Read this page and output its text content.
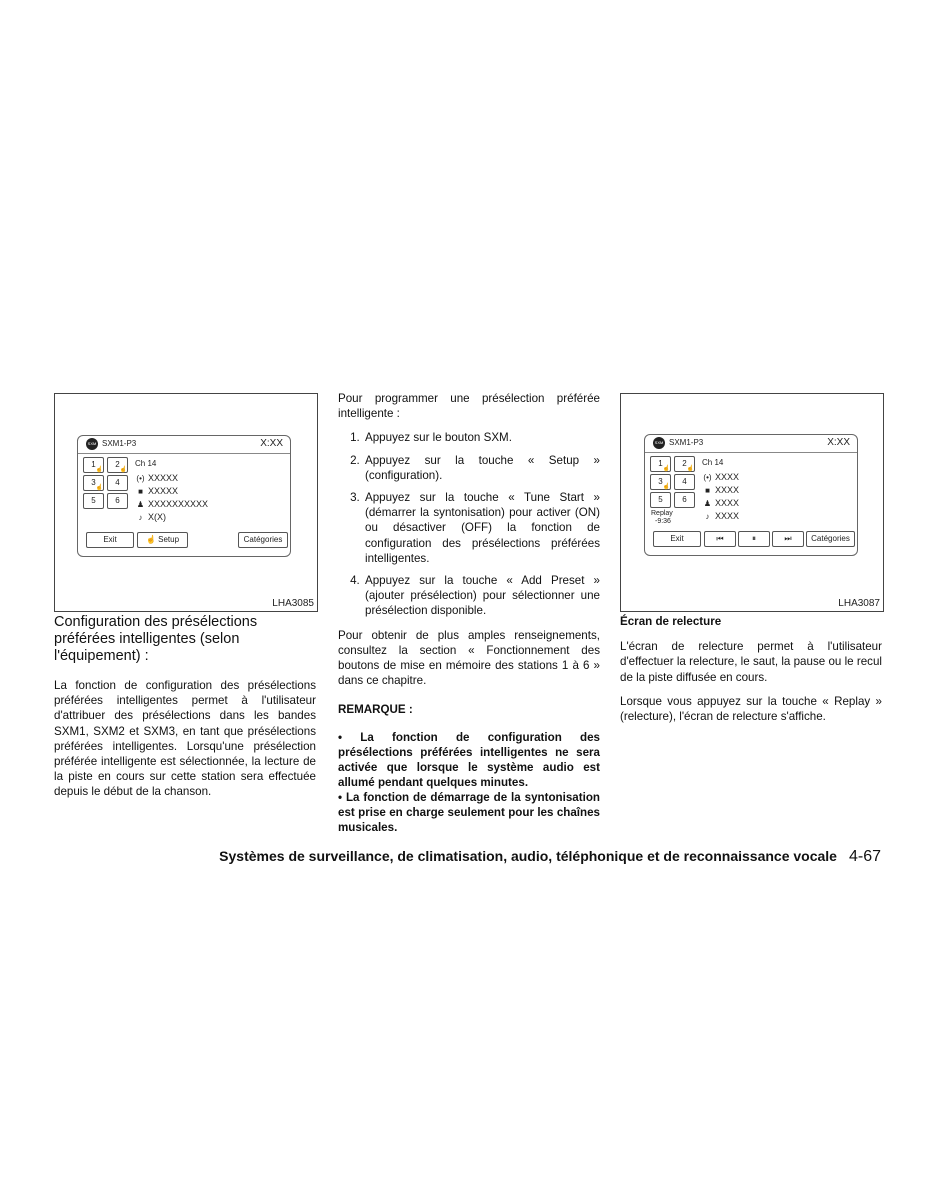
SXM SXM1-P3	X:XX
1
☝
2
☝
3
☝
4
5	6
Ch 14
(•) XXXXX
■ XXXXX
♟ XXXXXXXXXX
♪ X(X)
Exit	☝ Setup	Catégories
LHA3085
Configuration des présélections préférées intelligentes (selon l'équipement) :

La fonction de configuration des présélections préférées intelligentes permet à l'utilisateur d'attribuer des présélections dans les bandes SXM1, SXM2 et SXM3, en tant que présélections préférées intelligentes. Lorsqu'une présélection préférée intelligente est sélectionnée, la lecture de la piste en cours sur cette station sera effectuée depuis le début de la chanson.

Pour programmer une présélection préférée intelligente :

1. Appuyez sur le bouton SXM.
2. Appuyez sur la touche « Setup » (configuration).
3. Appuyez sur la touche « Tune Start » (démarrer la syntonisation) pour activer (ON) ou désactiver (OFF) la fonction de configuration des présélections préférées intelligentes.
4. Appuyez sur la touche « Add Preset » (ajouter présélection) pour sélectionner une présélection disponible.

Pour obtenir de plus amples renseignements, consultez la section « Fonctionnement des boutons de mise en mémoire des stations 1 à 6 » dans ce chapitre.

REMARQUE :

• La fonction de configuration des présélections préférées intelligentes ne sera activée que lorsque le système audio est allumé pendant quelques minutes.

• La fonction de démarrage de la syntonisation est prise en charge seulement pour les chaînes musicales.

SXM SXM1-P3	X:XX
1
☝
2
☝
3
☝
4
5	6
Replay
-9:36
Ch 14
(•) XXXX
■ XXXX
♟ XXXX
♪ XXXX
Exit	⏮	⏸	⏭	Catégories
LHA3087

Écran de relecture

L'écran de relecture permet à l'utilisateur d'effectuer la relecture, le saut, la pause ou le recul de la piste diffusée en cours.

Lorsque vous appuyez sur la touche « Replay » (relecture), l'écran de relecture s'affiche.

Systèmes de surveillance, de climatisation, audio, téléphonique et de reconnaissance vocale 4-67
